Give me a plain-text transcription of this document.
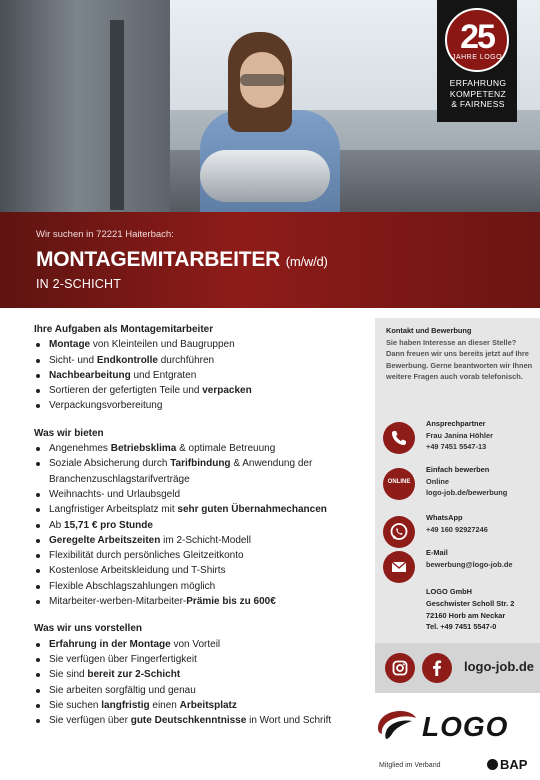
25
JAHRE LOGO
ERFAHRUNG
KOMPETENZ
& FAIRNESS
Wir suchen in 72221 Haiterbach:
MONTAGEMITARBEITER (m/w/d)
IN 2-SCHICHT
Ihre Aufgaben als Montagemitarbeiter
Montage von Kleinteilen und Baugruppen
Sicht- und Endkontrolle durchführen
Nachbearbeitung und Entgraten
Sortieren der gefertigten Teile und verpacken
Verpackungsvorbereitung
Was wir bieten
Angenehmes Betriebsklima & optimale Betreuung
Soziale Absicherung durch Tarifbindung & Anwendung der Branchenzuschlagstarifverträge
Weihnachts- und Urlaubsgeld
Langfristiger Arbeitsplatz mit sehr guten Übernahmechancen
Ab 15,71 € pro Stunde
Geregelte Arbeitszeiten im 2-Schicht-Modell
Flexibilität durch persönliches Gleitzeitkonto
Kostenlose Arbeitskleidung und T-Shirts
Flexible Abschlagszahlungen möglich
Mitarbeiter-werben-Mitarbeiter-Prämie bis zu 600€
Was wir uns vorstellen
Erfahrung in der Montage von Vorteil
Sie verfügen über Fingerfertigkeit
Sie sind bereit zur 2-Schicht
Sie arbeiten sorgfältig und genau
Sie suchen langfristig einen Arbeitsplatz
Sie verfügen über gute Deutschkenntnisse in Wort und Schrift
Kontakt und Bewerbung
Sie haben Interesse an dieser Stelle? Dann freuen wir uns bereits jetzt auf Ihre Bewerbung. Gerne beantworten wir Ihnen weitere Fragen auch vorab telefonisch.
Ansprechpartner
Frau Janina Höhler
+49 7451 5547-13
ONLINE
Einfach bewerben
Online
logo-job.de/bewerbung
WhatsApp
+49 160 92927246
E-Mail
bewerbung@logo-job.de
LOGO GmbH
Geschwister Scholl Str. 2
72160 Horb am Neckar
Tel. +49 7451 5547-0
logo-job.de
LOGO
Mitglied im Verband	BAP
